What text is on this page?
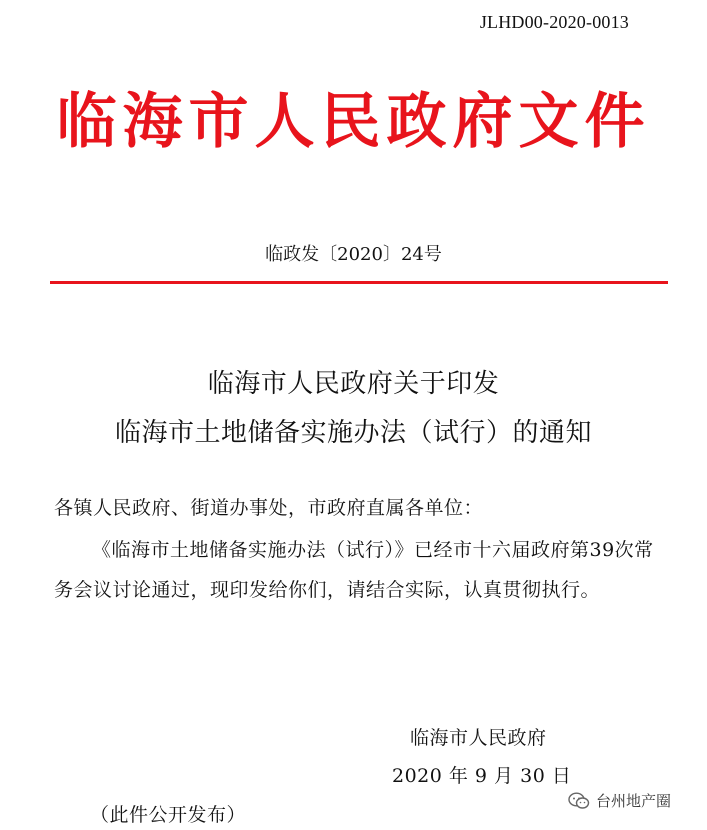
JLHD00-2020-0013
临海市人民政府文件
临政发〔2020〕24号
临海市人民政府关于印发
临海市土地储备实施办法（试行）的通知
各镇人民政府、街道办事处，市政府直属各单位：
《临海市土地储备实施办法（试行）》已经市十六届政府第39次常务会议讨论通过，现印发给你们，请结合实际，认真贯彻执行。
临海市人民政府
2020 年 9 月 30 日
（此件公开发布）
台州地产圈
